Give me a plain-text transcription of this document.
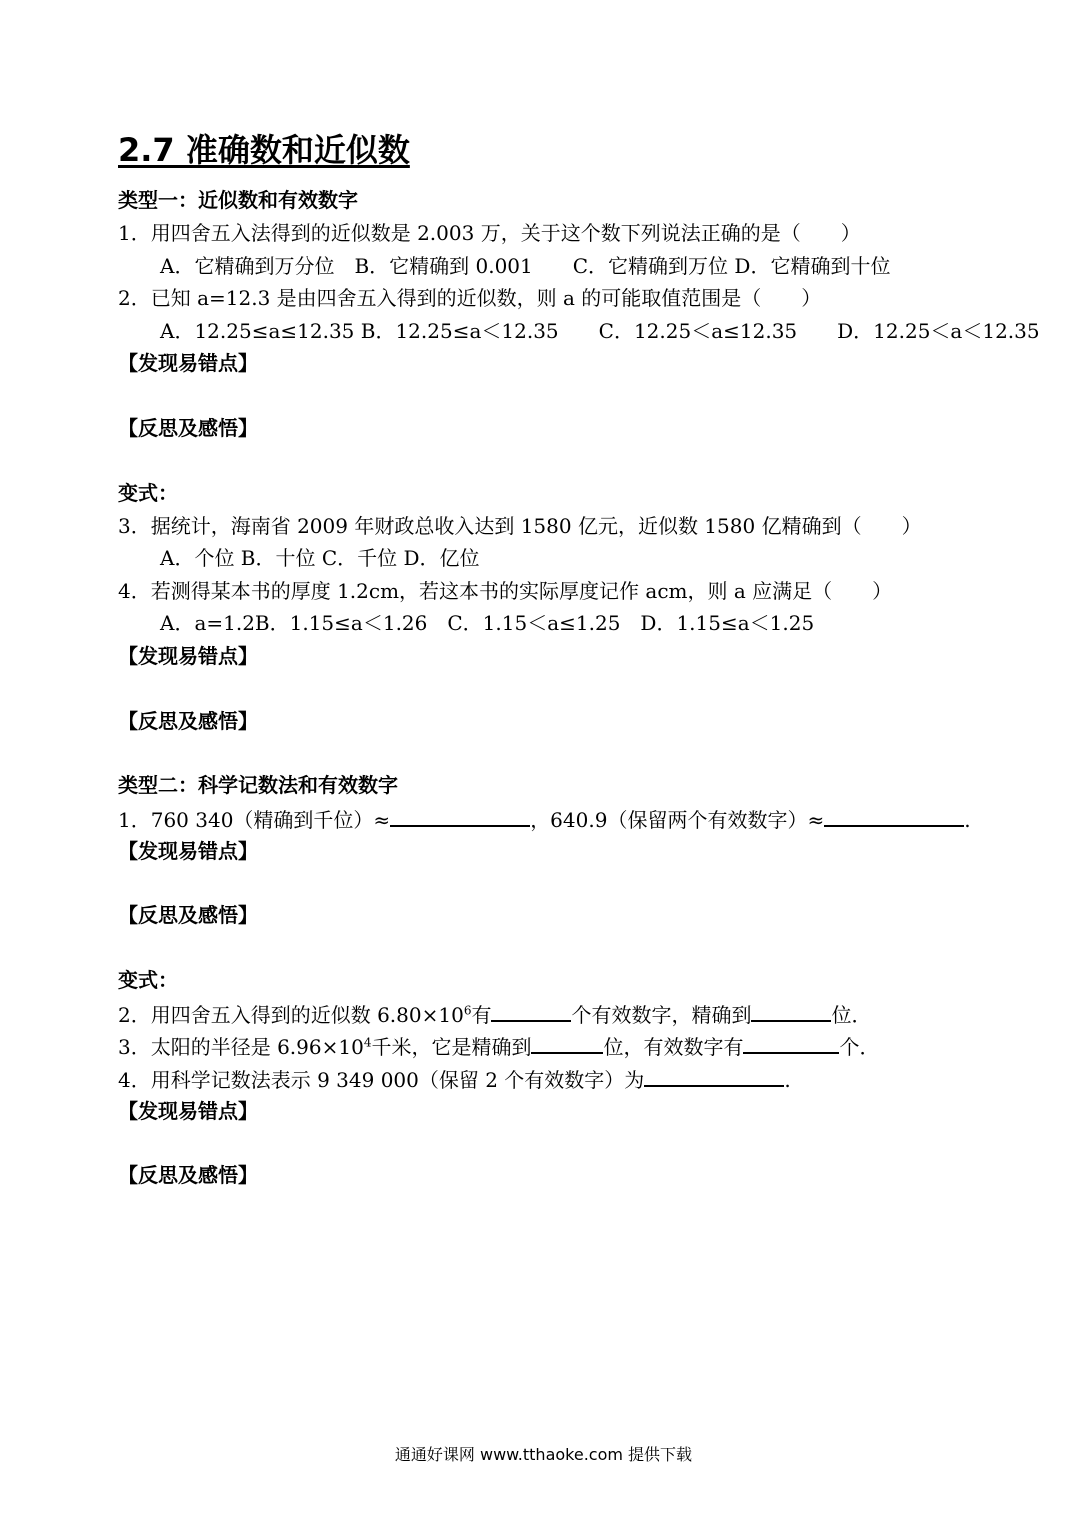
2.7 准确数和近似数
类型一：近似数和有效数字
1．用四舍五入法得到的近似数是 2.003 万，关于这个数下列说法正确的是（　　）
A．它精确到万分位　B．它精确到 0.001　　C．它精确到万位 D．它精确到十位
2．已知 a=12.3 是由四舍五入得到的近似数，则 a 的可能取值范围是（　　）
A．12.25≤a≤12.35 B．12.25≤a＜12.35　　C．12.25＜a≤12.35　　D．12.25＜a＜12.35
【发现易错点】
【反思及感悟】
变式：
3．据统计，海南省 2009 年财政总收入达到 1580 亿元，近似数 1580 亿精确到（　　）
A．个位 B．十位 C．千位 D．亿位
4．若测得某本书的厚度 1.2cm，若这本书的实际厚度记作 acm，则 a 应满足（　　）
A．a=1.2B．1.15≤a＜1.26　C．1.15＜a≤1.25　D．1.15≤a＜1.25
【发现易错点】
【反思及感悟】
类型二：科学记数法和有效数字
1．760 340（精确到千位）≈	，640.9（保留两个有效数字）≈	.
【发现易错点】
【反思及感悟】
变式：
2．用四舍五入得到的近似数 $6.80\times 10^6$有	个有效数字，精确到	位．
3．太阳的半径是 $6.96\times 10^4$千米，它是精确到	位，有效数字有	个．
4．用科学记数法表示 9 349 000（保留 2 个有效数字）为	.
【发现易错点】
【反思及感悟】
通通好课网 www.tthaoke.com 提供下载
